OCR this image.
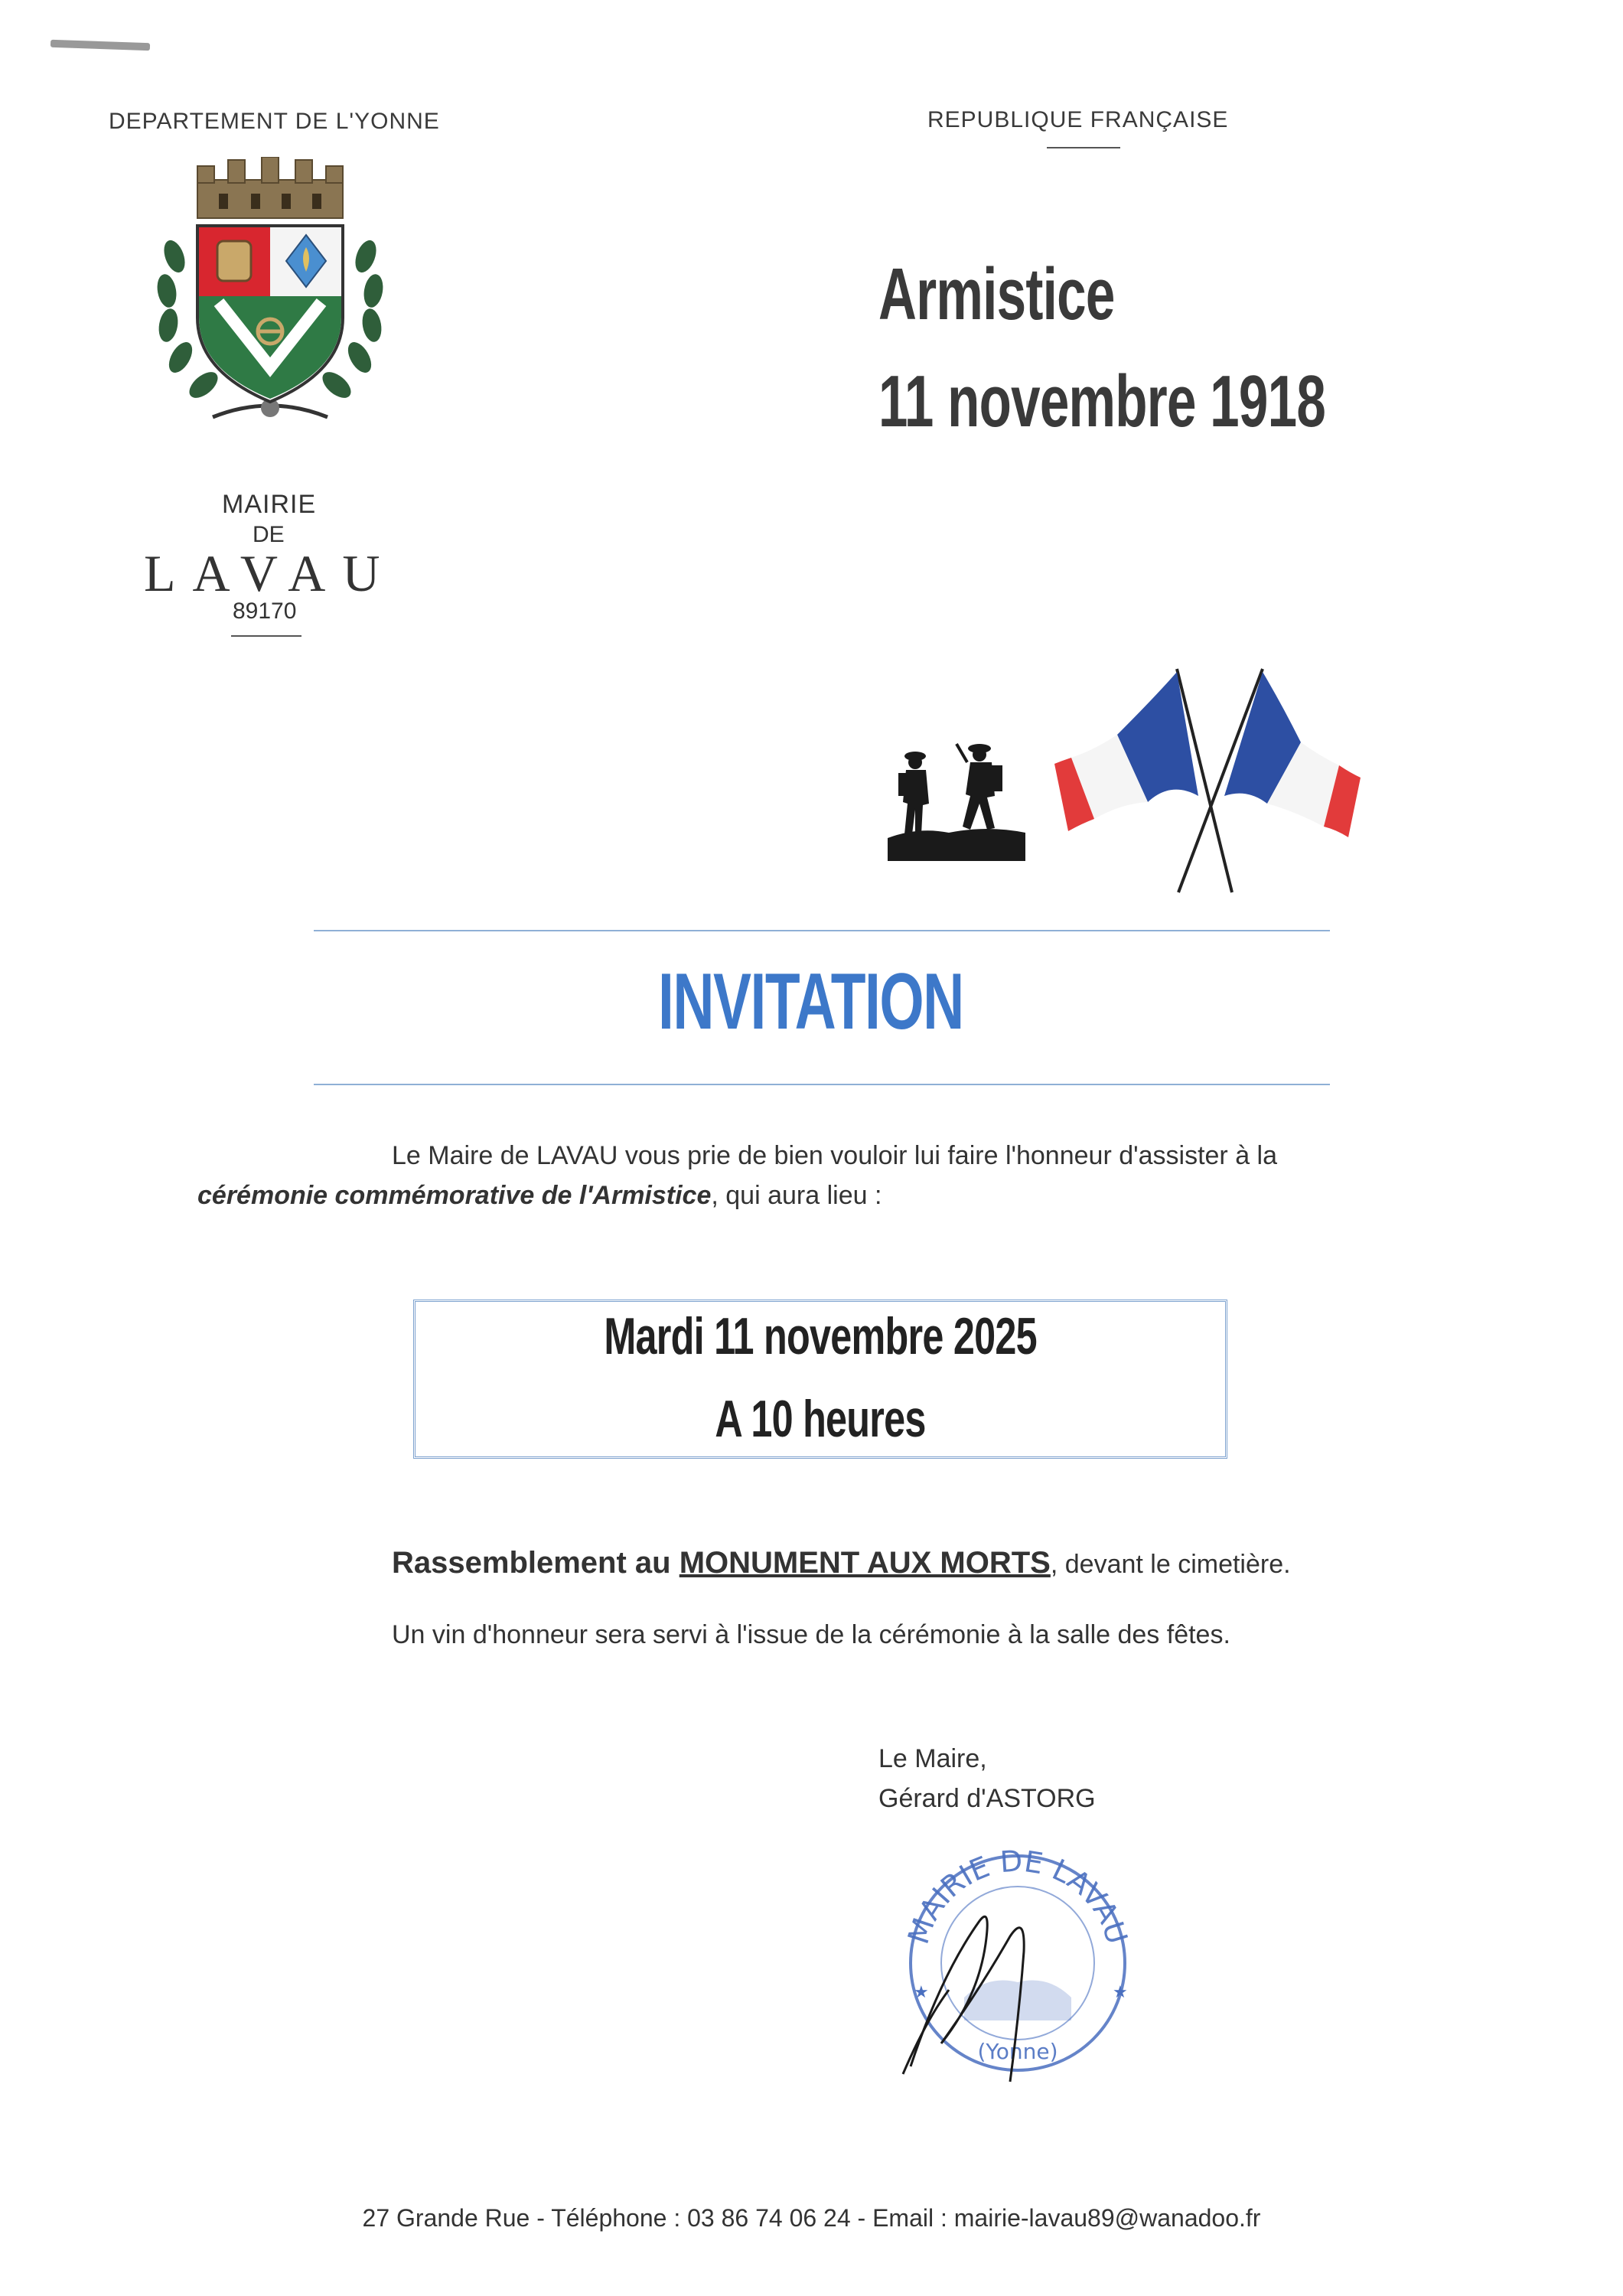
DEPARTEMENT DE L'YONNE	REPUBLIQUE FRANÇAISE
MAIRIE
DE
LAVAU
89170
Armistice
11 novembre 1918
INVITATION
Le Maire de LAVAU vous prie de bien vouloir lui faire l'honneur d'assister à la
cérémonie commémorative de l'Armistice, qui aura lieu :
Mardi 11 novembre 2025
A 10 heures
Rassemblement au MONUMENT AUX MORTS, devant le cimetière.
Un vin d'honneur sera servi à l'issue de la cérémonie à la salle des fêtes.
Le Maire,
Gérard d'ASTORG
MAIRIE DE LAVAU
(Yonne)
★	★
27 Grande Rue - Téléphone : 03 86 74 06 24 - Email : mairie-lavau89@wanadoo.fr
